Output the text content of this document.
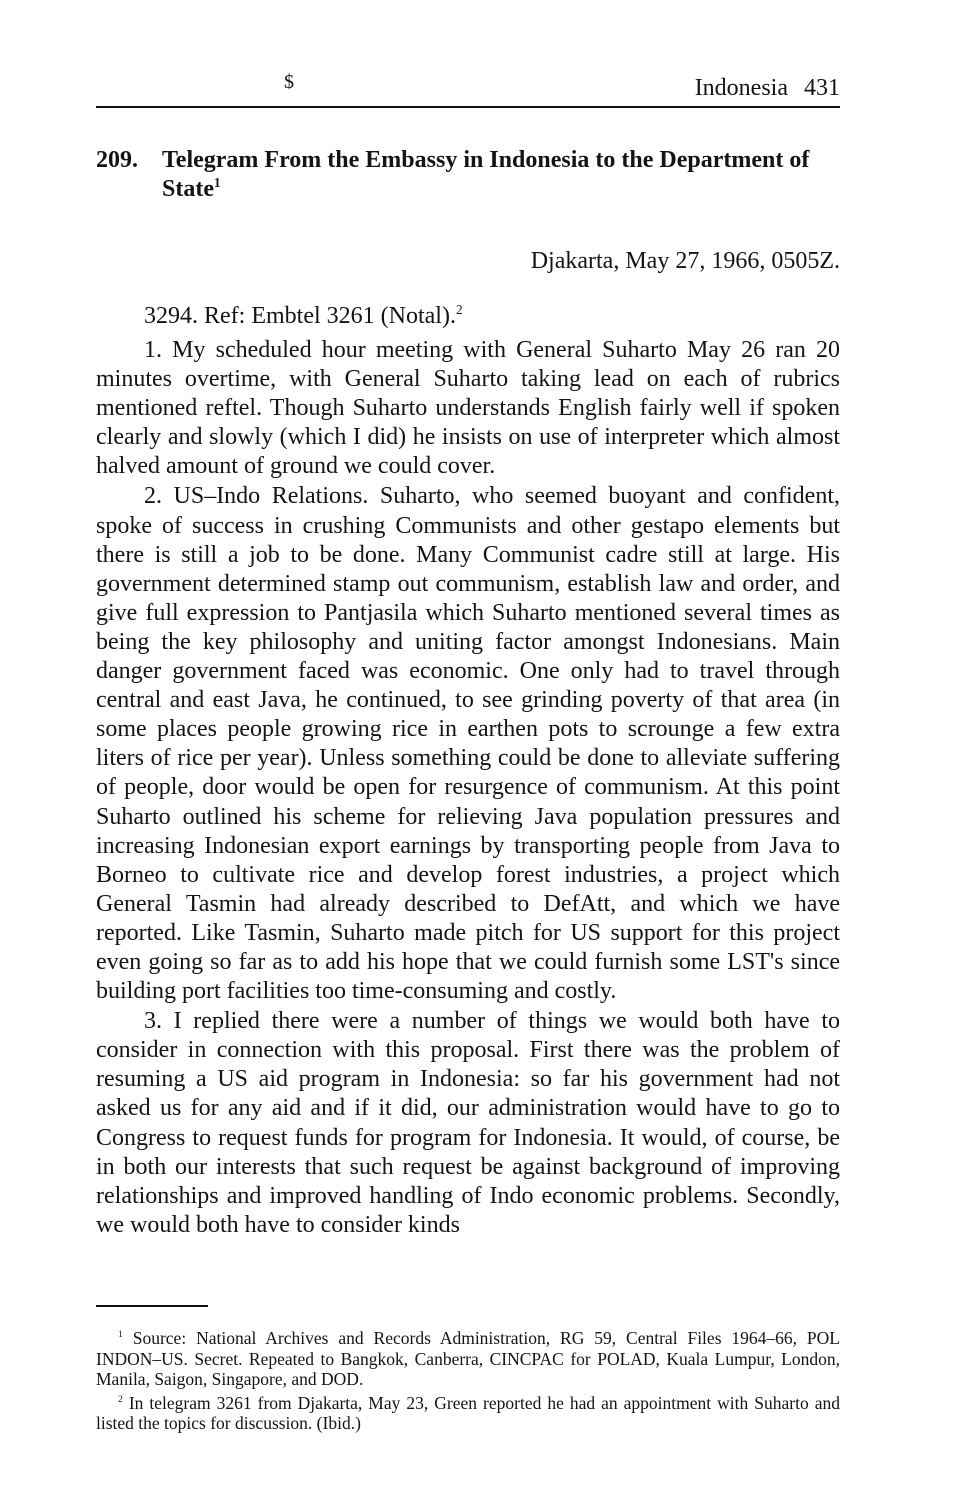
$	Indonesia 431
209.	Telegram From the Embassy in Indonesia to the Department of State$^1$
Djakarta, May 27, 1966, 0505Z.
3294. Ref: Embtel 3261 (Notal).$^2$

1. My scheduled hour meeting with General Suharto May 26 ran 20 minutes overtime, with General Suharto taking lead on each of rubrics mentioned reftel. Though Suharto understands English fairly well if spoken clearly and slowly (which I did) he insists on use of interpreter which almost halved amount of ground we could cover.

2. US–Indo Relations. Suharto, who seemed buoyant and confident, spoke of success in crushing Communists and other gestapo elements but there is still a job to be done. Many Communist cadre still at large. His government determined stamp out communism, establish law and order, and give full expression to Pantjasila which Suharto mentioned several times as being the key philosophy and uniting factor amongst Indonesians. Main danger government faced was economic. One only had to travel through central and east Java, he continued, to see grinding poverty of that area (in some places people growing rice in earthen pots to scrounge a few extra liters of rice per year). Unless something could be done to alleviate suffering of people, door would be open for resurgence of communism. At this point Suharto outlined his scheme for relieving Java population pressures and increasing Indonesian export earnings by transporting people from Java to Borneo to cultivate rice and develop forest industries, a project which General Tasmin had already described to DefAtt, and which we have reported. Like Tasmin, Suharto made pitch for US support for this project even going so far as to add his hope that we could furnish some LST's since building port facilities too time-consuming and costly.

3. I replied there were a number of things we would both have to consider in connection with this proposal. First there was the problem of resuming a US aid program in Indonesia: so far his government had not asked us for any aid and if it did, our administration would have to go to Congress to request funds for program for Indonesia. It would, of course, be in both our interests that such request be against background of improving relationships and improved handling of Indo economic problems. Secondly, we would both have to consider kinds

$^1$ Source: National Archives and Records Administration, RG 59, Central Files 1964–66, POL INDON–US. Secret. Repeated to Bangkok, Canberra, CINCPAC for POLAD, Kuala Lumpur, London, Manila, Saigon, Singapore, and DOD.

$^2$ In telegram 3261 from Djakarta, May 23, Green reported he had an appointment with Suharto and listed the topics for discussion. (Ibid.)
